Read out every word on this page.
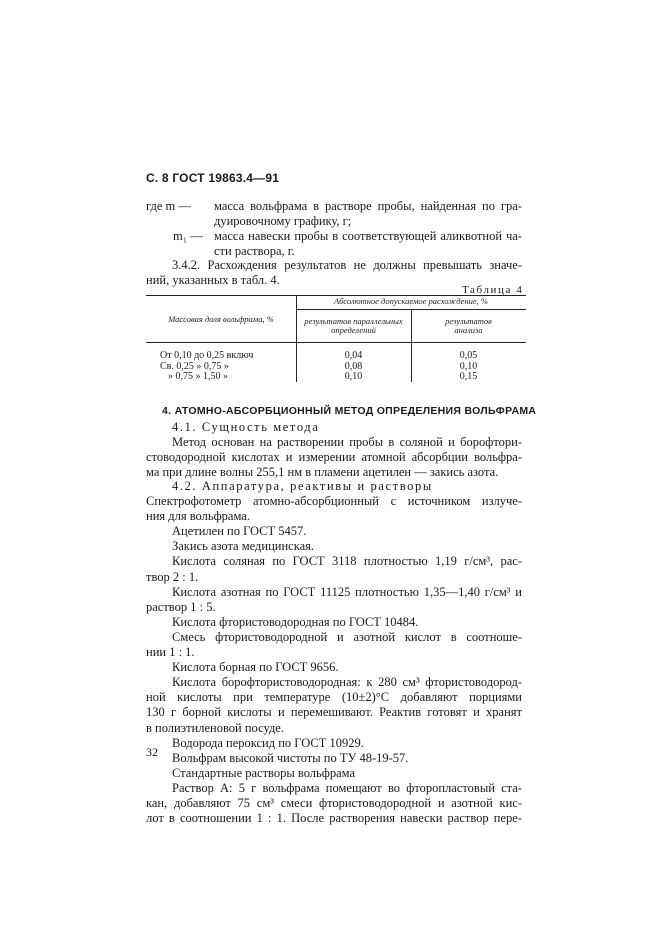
С. 8 ГОСТ 19863.4—91
где m — масса вольфрама в растворе пробы, найденная по гра-
дуировочному графику, г;
m₁ — масса навески пробы в соответствующей аликвотной ча-
сти раствора, г.
3.4.2. Расхождения результатов не должны превышать значе-
ний, указанных в табл. 4.
Таблица 4
Массовая доля вольфрама, %
Абсолютное допускаемое расхождение, %
результатов параллельных
определений
результатов
анализа
От 0,10 до 0,25 включ	0,04	0,05
Св. 0,25 » 0,75 »	0,08	0,10
» 0,75 » 1,50 »	0,10	0,15
4. АТОМНО-АБСОРБЦИОННЫЙ МЕТОД ОПРЕДЕЛЕНИЯ ВОЛЬФРАМА
4.1. Сущность метода
Метод основан на растворении пробы в соляной и борофтори-
стоводородной кислотах и измерении атомной абсорбции вольфра-
ма при длине волны 255,1 нм в пламени ацетилен — закись азота.
4.2. Аппаратура, реактивы и растворы
Спектрофотометр атомно-абсорбционный с источником излуче-
ния для вольфрама.
Ацетилен по ГОСТ 5457.
Закись азота медицинская.
Кислота соляная по ГОСТ 3118 плотностью 1,19 г/см³, рас-
твор 2 : 1.
Кислота азотная по ГОСТ 11125 плотностью 1,35—1,40 г/см³ и
раствор 1 : 5.
Кислота фтористоводородная по ГОСТ 10484.
Смесь фтористоводородной и азотной кислот в соотноше-
нии 1 : 1.
Кислота борная по ГОСТ 9656.
Кислота борофтористоводородная: к 280 см³ фтористоводород-
ной кислоты при температуре (10±2)°С добавляют порциями
130 г борной кислоты и перемешивают. Реактив готовят и хранят
в полиэтиленовой посуде.
Водорода пероксид по ГОСТ 10929.
Вольфрам высокой чистоты по ТУ 48-19-57.
Стандартные растворы вольфрама
Раствор А: 5 г вольфрама помещают во фторопластовый ста-
кан, добавляют 75 см³ смеси фтористоводородной и азотной кис-
лот в соотношении 1 : 1. После растворения навески раствор пере-
32
